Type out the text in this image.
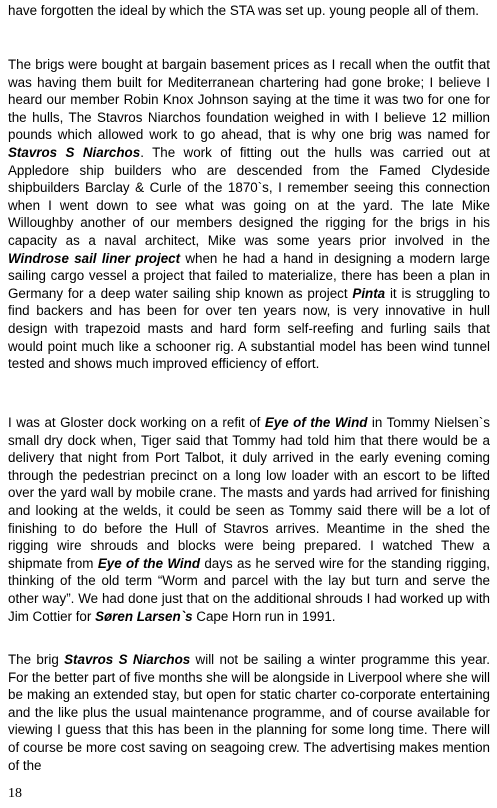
have forgotten the ideal by which the STA was set up. young people all of them.

The brigs were bought at bargain basement prices as I recall when the outfit that was having them built for Mediterranean chartering had gone broke; I believe I heard our member Robin Knox Johnson saying at the time it was two for one for the hulls, The Stavros Niarchos foundation weighed in with I believe 12 million pounds which allowed work to go ahead, that is why one brig was named for Stavros S Niarchos. The work of fitting out the hulls was carried out at Appledore ship builders who are descended from the Famed Clydeside shipbuilders Barclay & Curle of the 1870`s, I remember seeing this connection when I went down to see what was going on at the yard. The late Mike Willoughby another of our members designed the rigging for the brigs in his capacity as a naval architect, Mike was some years prior involved in the Windrose sail liner project when he had a hand in designing a modern large sailing cargo vessel a project that failed to materialize, there has been a plan in Germany for a deep water sailing ship known as project Pinta it is struggling to find backers and has been for over ten years now, is very innovative in hull design with trapezoid masts and hard form self-reefing and furling sails that would point much like a schooner rig. A substantial model has been wind tunnel tested and shows much improved efficiency of effort.

I was at Gloster dock working on a refit of Eye of the Wind in Tommy Nielsen`s small dry dock when, Tiger said that Tommy had told him that there would be a delivery that night from Port Talbot, it duly arrived in the early evening coming through the pedestrian precinct on a long low loader with an escort to be lifted over the yard wall by mobile crane. The masts and yards had arrived for finishing and looking at the welds, it could be seen as Tommy said there will be a lot of finishing to do before the Hull of Stavros arrives. Meantime in the shed the rigging wire shrouds and blocks were being prepared. I watched Thew a shipmate from Eye of the Wind days as he served wire for the standing rigging, thinking of the old term “Worm and parcel with the lay but turn and serve the other way”. We had done just that on the additional shrouds I had worked up with Jim Cottier for Søren Larsen`s Cape Horn run in 1991.

The brig Stavros S Niarchos will not be sailing a winter programme this year. For the better part of five months she will be alongside in Liverpool where she will be making an extended stay, but open for static charter co-corporate entertaining and the like plus the usual maintenance programme, and of course available for viewing I guess that this has been in the planning for some long time. There will of course be more cost saving on seagoing crew. The advertising makes mention of the

18
